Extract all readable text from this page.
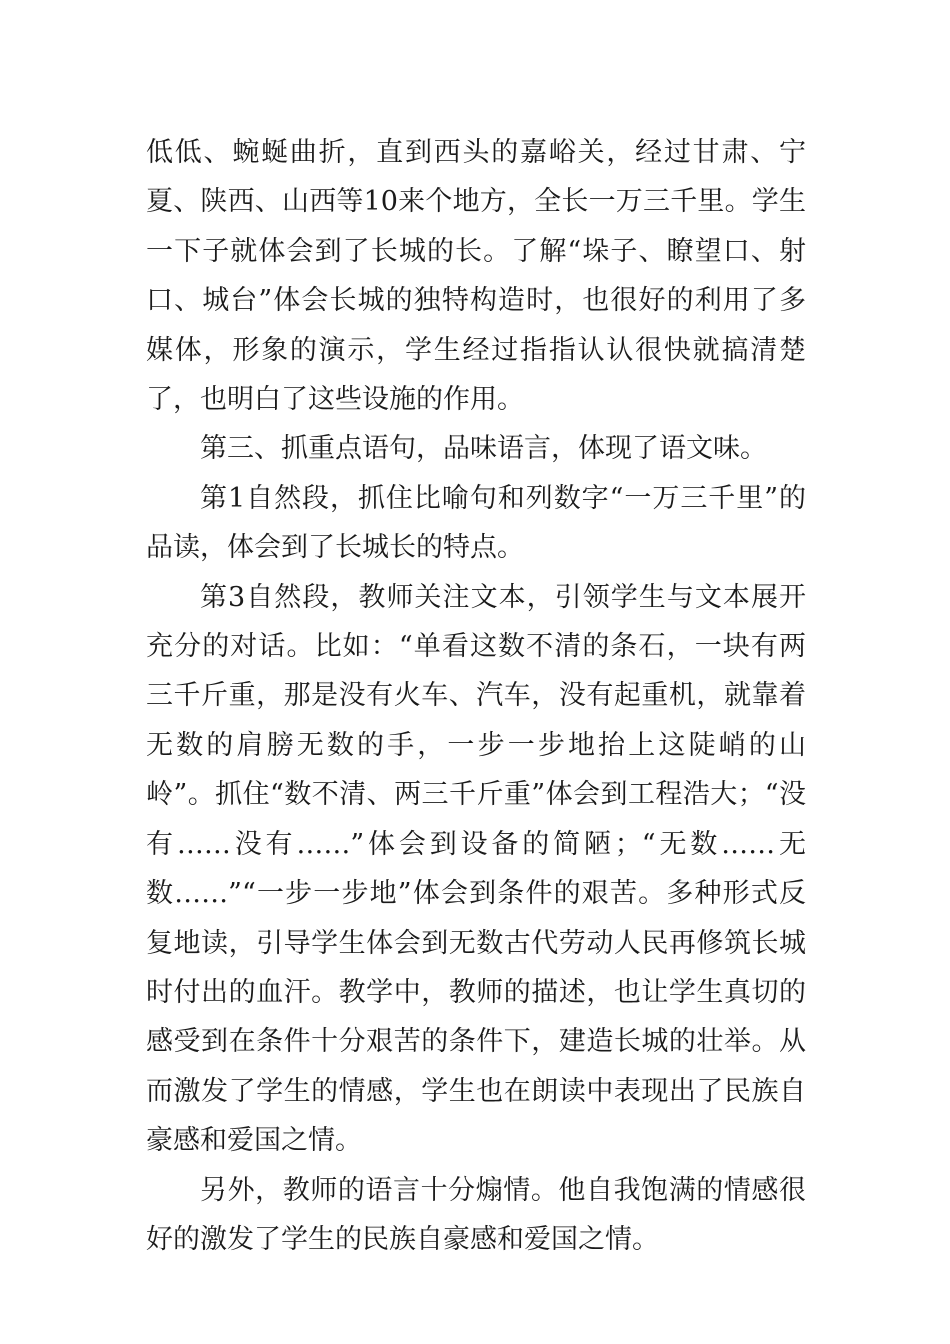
低低、蜿蜒曲折，直到西头的嘉峪关，经过甘肃、宁夏、陕西、山西等10来个地方，全长一万三千里。学生一下子就体会到了长城的长。了解“垛子、瞭望口、射口、城台”体会长城的独特构造时，也很好的利用了多媒体，形象的演示，学生经过指指认认很快就搞清楚了，也明白了这些设施的作用。

第三、抓重点语句，品味语言，体现了语文味。

第1自然段，抓住比喻句和列数字“一万三千里”的品读，体会到了长城长的特点。

第3自然段，教师关注文本，引领学生与文本展开充分的对话。比如：“单看这数不清的条石，一块有两三千斤重，那是没有火车、汽车，没有起重机，就靠着无数的肩膀无数的手，一步一步地抬上这陡峭的山岭”。抓住“数不清、两三千斤重”体会到工程浩大；“没有……没有……”体会到设备的简陋；“无数……无数……”“一步一步地”体会到条件的艰苦。多种形式反复地读，引导学生体会到无数古代劳动人民再修筑长城时付出的血汗。教学中，教师的描述，也让学生真切的感受到在条件十分艰苦的条件下，建造长城的壮举。从而激发了学生的情感，学生也在朗读中表现出了民族自豪感和爱国之情。

另外，教师的语言十分煽情。他自我饱满的情感很好的激发了学生的民族自豪感和爱国之情。
